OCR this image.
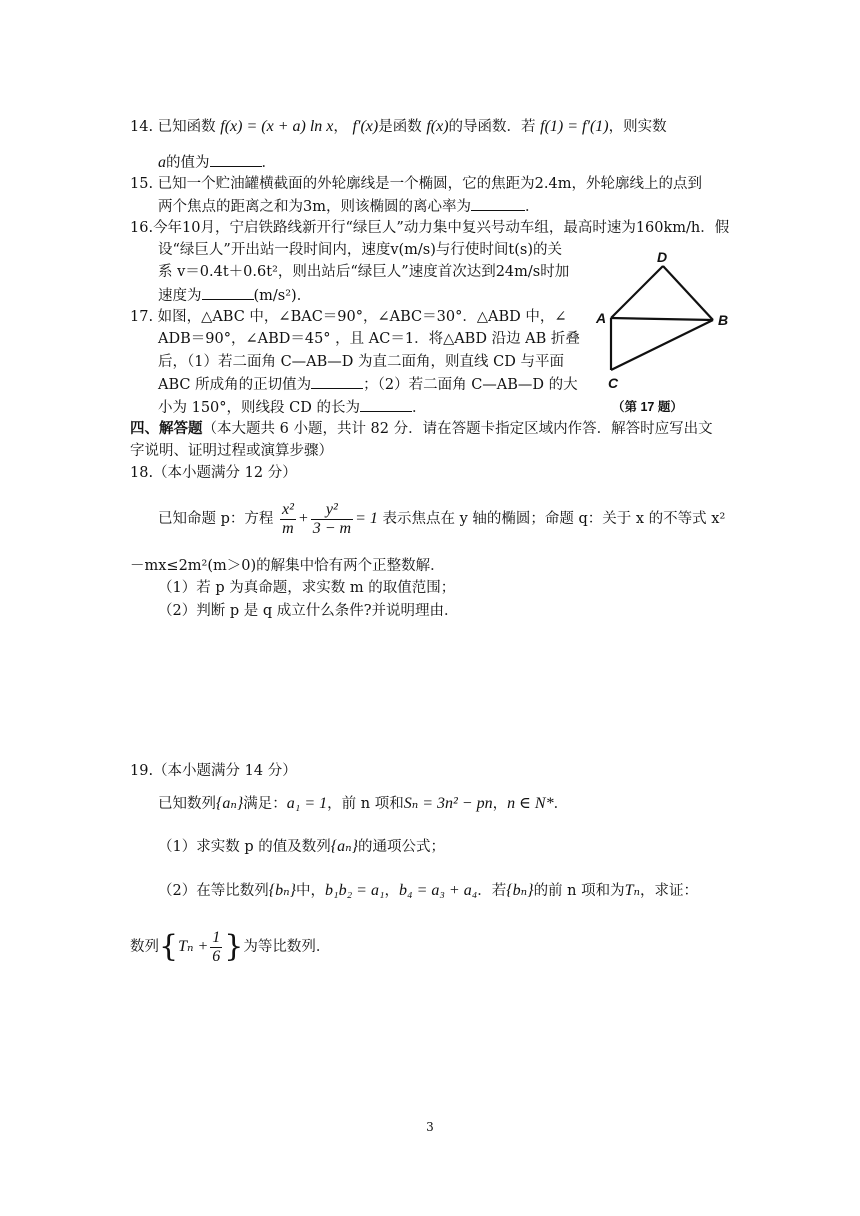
14. 已知函数 f(x) = (x + a) ln x， f′(x)是函数 f(x)的导函数．若 f(1) = f′(1)，则实数
a的值为	．
15. 已知一个贮油罐横截面的外轮廓线是一个椭圆，它的焦距为2.4m，外轮廓线上的点到
两个焦点的距离之和为3m，则该椭圆的离心率为	．
16.今年10月，宁启铁路线新开行“绿巨人”动力集中复兴号动车组，最高时速为160km/h．假
设“绿巨人”开出站一段时间内，速度v(m/s)与行使时间t(s)的关
系 v＝0.4t＋0.6t²，则出站后“绿巨人”速度首次达到24m/s时加
速度为	(m/s²)．
17. 如图，△ABC 中，∠BAC＝90°，∠ABC＝30°．△ABD 中，∠
ADB＝90°，∠ABD＝45° ，且 AC＝1．将△ABD 沿边 AB 折叠
后，（1）若二面角 C—AB—D 为直二面角，则直线 CD 与平面
ABC 所成角的正切值为	；（2）若二面角 C—AB—D 的大
小为 150°，则线段 CD 的长为	．
D
A	B
C
（第 17 题）
四、解答题（本大题共 6 小题，共计 82 分．请在答题卡指定区域内作答．解答时应写出文
字说明、证明过程或演算步骤）
18.（本小题满分 12 分）
已知命题 p：方程 $\frac{\text{x²}}{m} + \frac{\text{y²}}{3 - m} = 1$ 表示焦点在 y 轴的椭圆；命题 q：关于 x 的不等式 x²
－mx≤2m²(m＞0)的解集中恰有两个正整数解．
（1）若 p 为真命题，求实数 m 的取值范围；
（2）判断 p 是 q 成立什么条件?并说明理由．
19.（本小题满分 14 分）
已知数列{aₙ}满足：a₁ = 1，前 n 项和Sₙ = 3n² − pn，n ∈ N*．
（1）求实数 p 的值及数列{aₙ}的通项公式；
（2）在等比数列{bₙ}中，b₁b₂ = a₁，b₄ = a₃ + a₄．若{bₙ}的前 n 项和为Tₙ，求证：
数列{$T_n + \frac{1}{6}$ }为等比数列．
3
